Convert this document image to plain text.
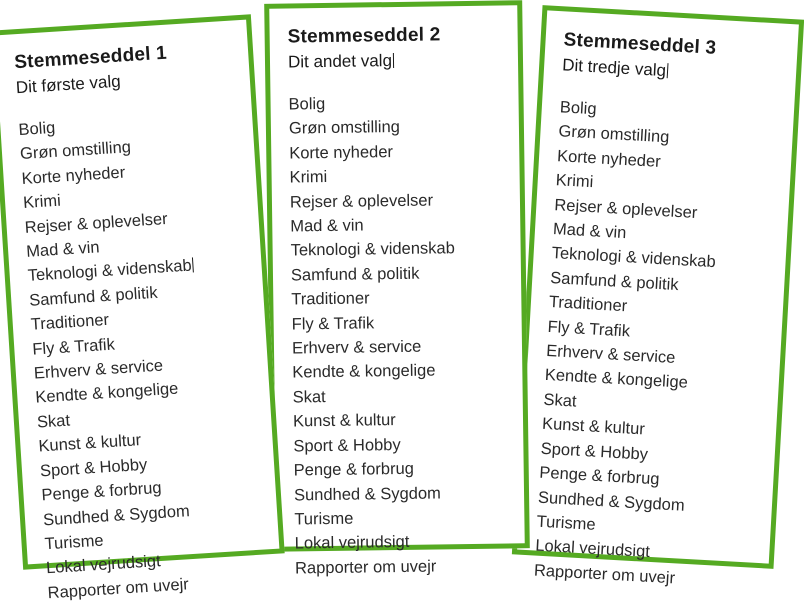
Stemmeseddel 3
Dit tredje valg
Bolig
Grøn omstilling
Korte nyheder
Krimi
Rejser & oplevelser
Mad & vin
Teknologi & videnskab
Samfund & politik
Traditioner
Fly & Trafik
Erhverv & service
Kendte & kongelige
Skat
Kunst & kultur
Sport & Hobby
Penge & forbrug
Sundhed & Sygdom
Turisme
Lokal vejrudsigt
Rapporter om uvejr
Stemmeseddel 2
Dit andet valg
Bolig
Grøn omstilling
Korte nyheder
Krimi
Rejser & oplevelser
Mad & vin
Teknologi & videnskab
Samfund & politik
Traditioner
Fly & Trafik
Erhverv & service
Kendte & kongelige
Skat
Kunst & kultur
Sport & Hobby
Penge & forbrug
Sundhed & Sygdom
Turisme
Lokal vejrudsigt
Rapporter om uvejr
Stemmeseddel 1
Dit første valg
Bolig
Grøn omstilling
Korte nyheder
Krimi
Rejser & oplevelser
Mad & vin
Teknologi & videnskab
Samfund & politik
Traditioner
Fly & Trafik
Erhverv & service
Kendte & kongelige
Skat
Kunst & kultur
Sport & Hobby
Penge & forbrug
Sundhed & Sygdom
Turisme
Lokal vejrudsigt
Rapporter om uvejr
